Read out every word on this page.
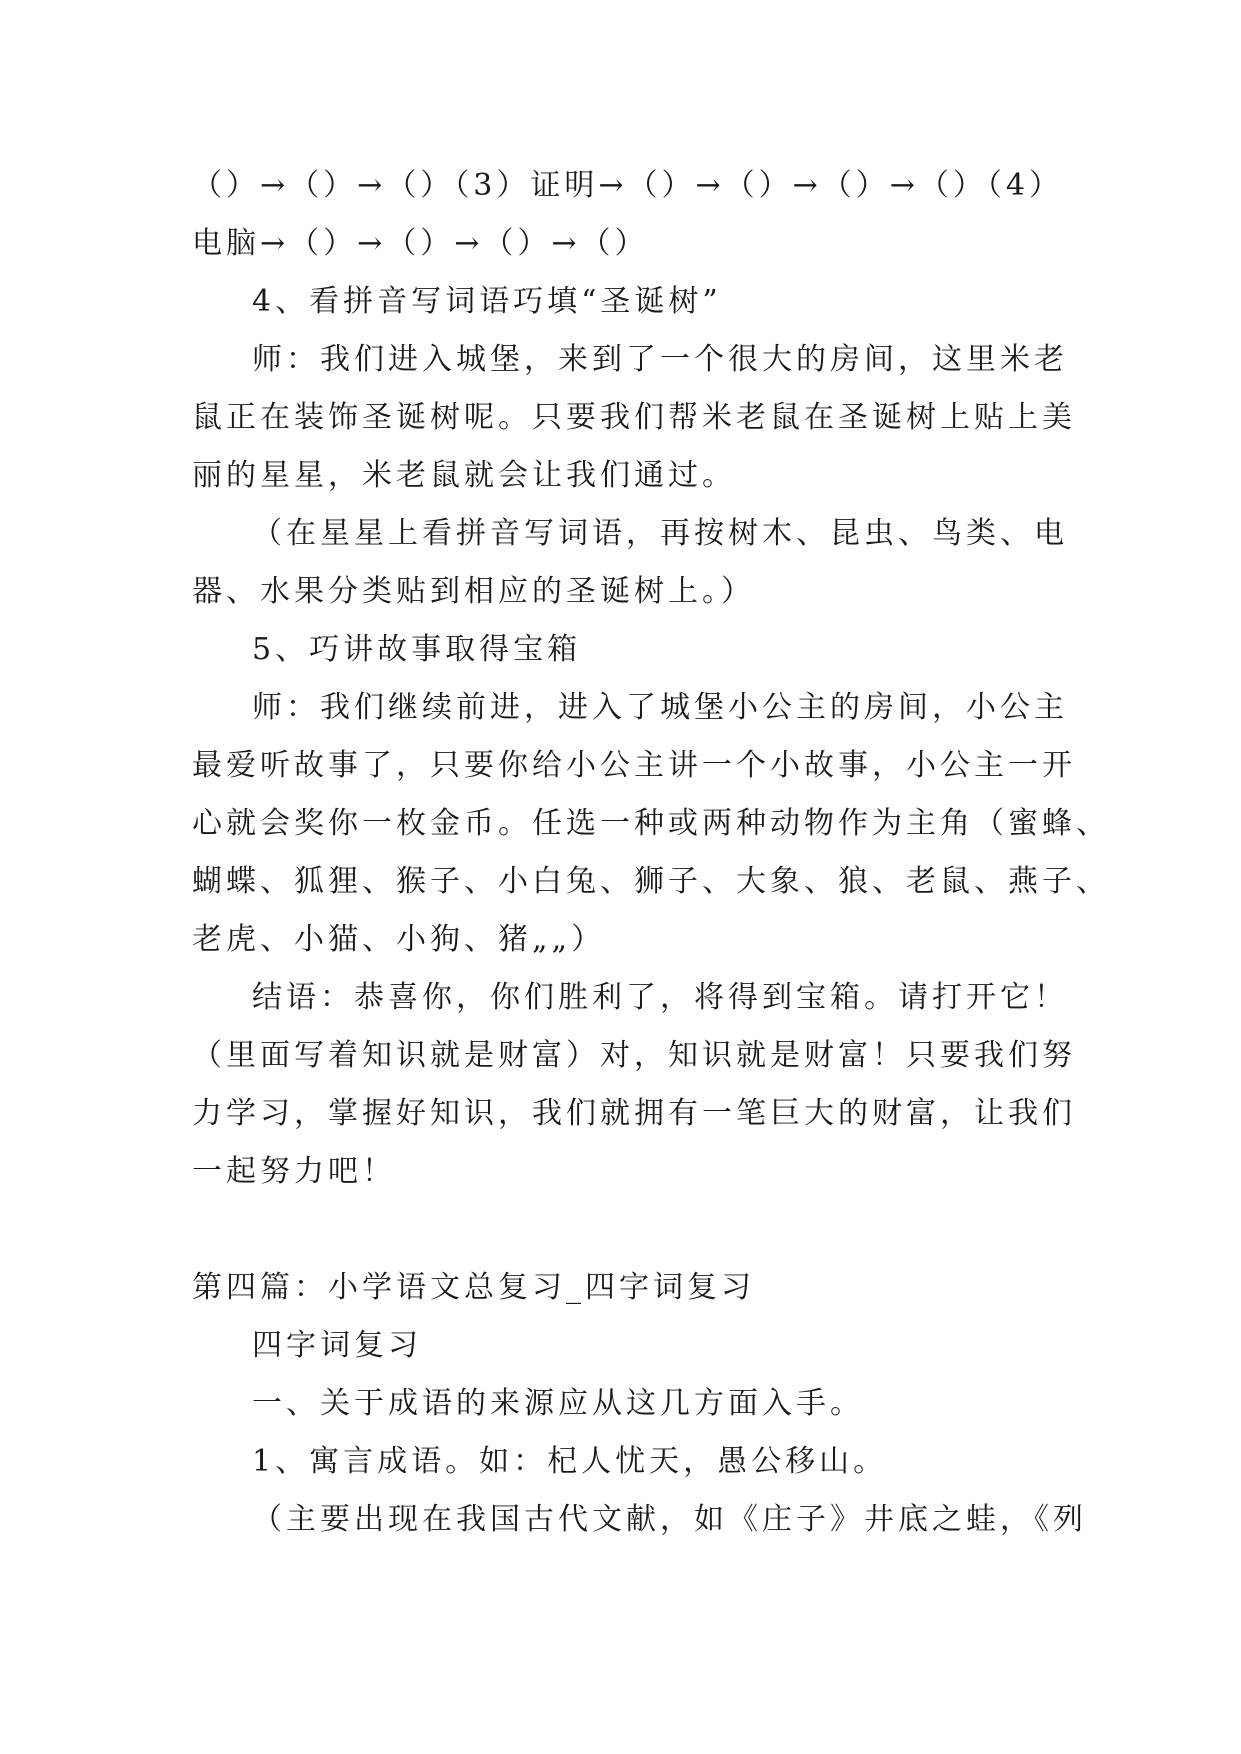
（）→（）→（）（3）证明→（）→（）→（）→（）（4）
电脑→（）→（）→（）→（）
4、看拼音写词语巧填“圣诞树”
师：我们进入城堡，来到了一个很大的房间，这里米老
鼠正在装饰圣诞树呢。只要我们帮米老鼠在圣诞树上贴上美
丽的星星，米老鼠就会让我们通过。
（在星星上看拼音写词语，再按树木、昆虫、鸟类、电
器、水果分类贴到相应的圣诞树上。）
5、巧讲故事取得宝箱
师：我们继续前进，进入了城堡小公主的房间，小公主
最爱听故事了，只要你给小公主讲一个小故事，小公主一开
心就会奖你一枚金币。任选一种或两种动物作为主角（蜜蜂、
蝴蝶、狐狸、猴子、小白兔、狮子、大象、狼、老鼠、燕子、
老虎、小猫、小狗、猪„„）
结语：恭喜你，你们胜利了，将得到宝箱。请打开它！
（里面写着知识就是财富）对，知识就是财富！只要我们努
力学习，掌握好知识，我们就拥有一笔巨大的财富，让我们
一起努力吧！
第四篇：小学语文总复习_四字词复习
四字词复习
一、关于成语的来源应从这几方面入手。
1、寓言成语。如：杞人忧天，愚公移山。
（主要出现在我国古代文献，如《庄子》井底之蛙，《列
